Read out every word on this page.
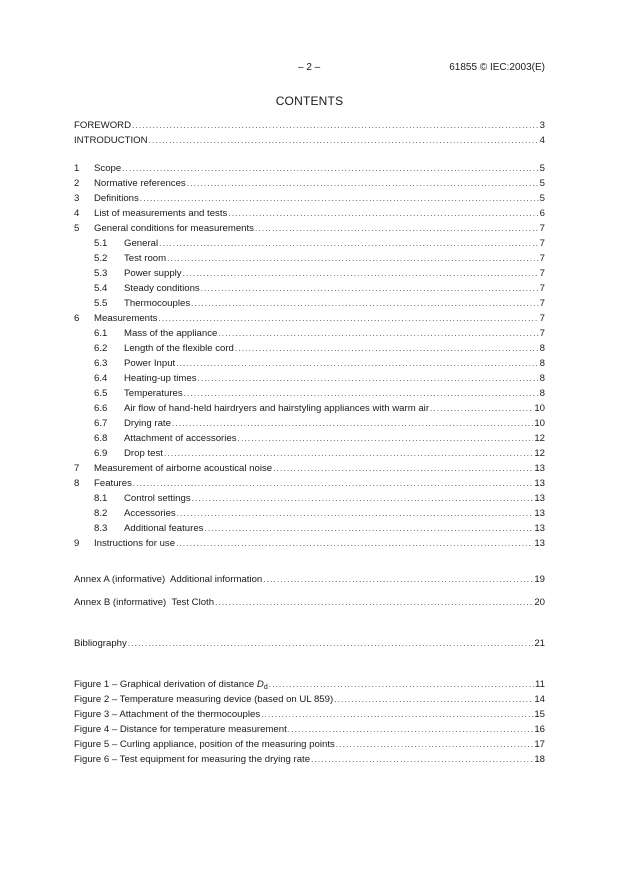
– 2 –	61855 © IEC:2003(E)
CONTENTS
FOREWORD .....	3
INTRODUCTION .....	4
1	Scope .....	5
2	Normative references .....	5
3	Definitions .....	5
4	List of measurements and tests .....	6
5	General conditions for measurements .....	7
5.1	General .....	7
5.2	Test room .....	7
5.3	Power supply .....	7
5.4	Steady conditions .....	7
5.5	Thermocouples .....	7
6	Measurements .....	7
6.1	Mass of the appliance .....	7
6.2	Length of the flexible cord .....	8
6.3	Power Input .....	8
6.4	Heating-up times .....	8
6.5	Temperatures .....	8
6.6	Air flow of hand-held hairdryers and hairstyling appliances with warm air .....	10
6.7	Drying rate .....	10
6.8	Attachment of accessories .....	12
6.9	Drop test .....	12
7	Measurement of airborne acoustical noise .....	13
8	Features .....	13
8.1	Control settings .....	13
8.2	Accessories .....	13
8.3	Additional features .....	13
9	Instructions for use .....	13
Annex A (informative)  Additional information .....	19
Annex B (informative)  Test Cloth .....	20
Bibliography .....	21
Figure 1 – Graphical derivation of distance $D_d$ .....	11
Figure 2 – Temperature measuring device (based on UL 859) .....	14
Figure 3 – Attachment of the thermocouples .....	15
Figure 4 – Distance for temperature measurement .....	16
Figure 5 – Curling appliance, position of the measuring points .....	17
Figure 6 – Test equipment for measuring the drying rate .....	18
